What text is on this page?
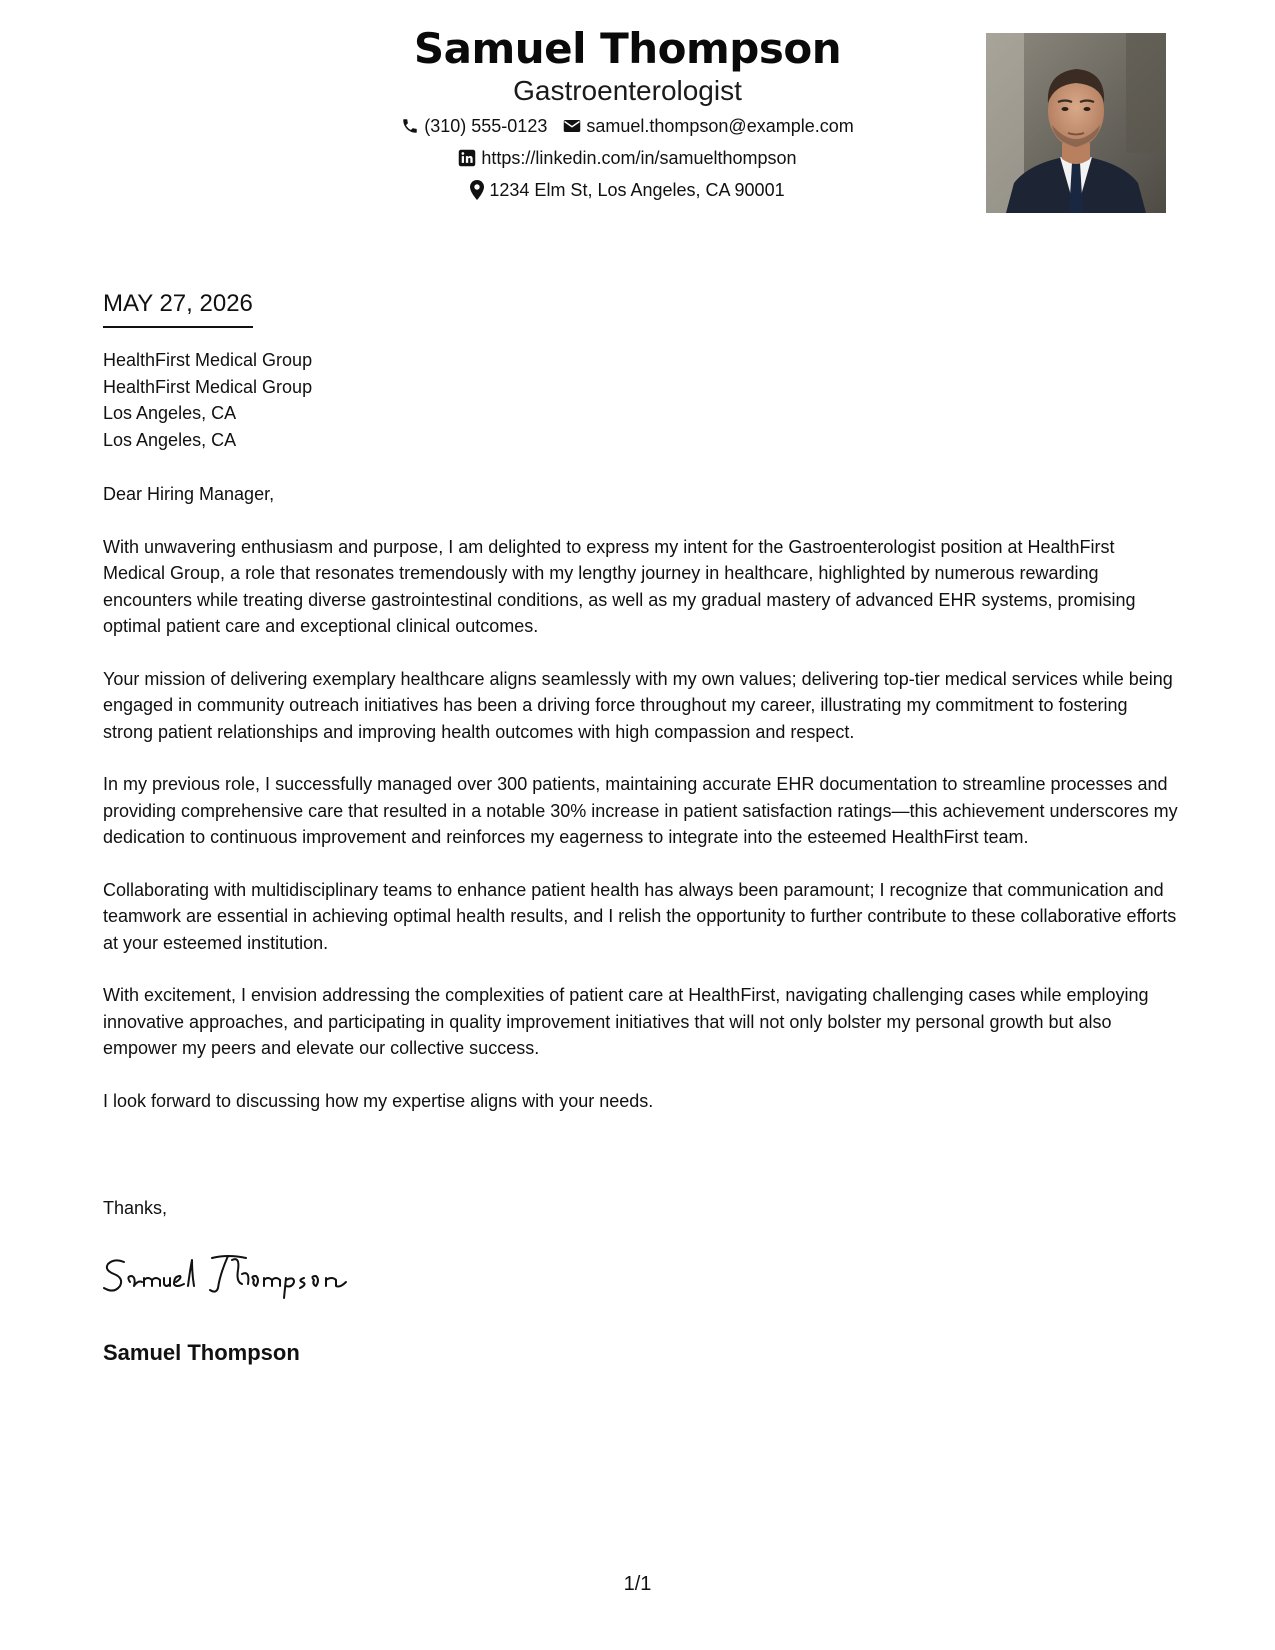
Samuel Thompson
Gastroenterologist
(310) 555-0123 samuel.thompson@example.com
https://linkedin.com/in/samuelthompson
1234 Elm St, Los Angeles, CA 90001
MAY 27, 2026
HealthFirst Medical Group
HealthFirst Medical Group
Los Angeles, CA
Los Angeles, CA

Dear Hiring Manager,

With unwavering enthusiasm and purpose, I am delighted to express my intent for the Gastroenterologist position at HealthFirst Medical Group, a role that resonates tremendously with my lengthy journey in healthcare, highlighted by numerous rewarding encounters while treating diverse gastrointestinal conditions, as well as my gradual mastery of advanced EHR systems, promising optimal patient care and exceptional clinical outcomes.

Your mission of delivering exemplary healthcare aligns seamlessly with my own values; delivering top-tier medical services while being engaged in community outreach initiatives has been a driving force throughout my career, illustrating my commitment to fostering strong patient relationships and improving health outcomes with high compassion and respect.

In my previous role, I successfully managed over 300 patients, maintaining accurate EHR documentation to streamline processes and providing comprehensive care that resulted in a notable 30% increase in patient satisfaction ratings—this achievement underscores my dedication to continuous improvement and reinforces my eagerness to integrate into the esteemed HealthFirst team.

Collaborating with multidisciplinary teams to enhance patient health has always been paramount; I recognize that communication and teamwork are essential in achieving optimal health results, and I relish the opportunity to further contribute to these collaborative efforts at your esteemed institution.

With excitement, I envision addressing the complexities of patient care at HealthFirst, navigating challenging cases while employing innovative approaches, and participating in quality improvement initiatives that will not only bolster my personal growth but also empower my peers and elevate our collective success.

I look forward to discussing how my expertise aligns with your needs.

Thanks,
Samuel Thompson
1/1
